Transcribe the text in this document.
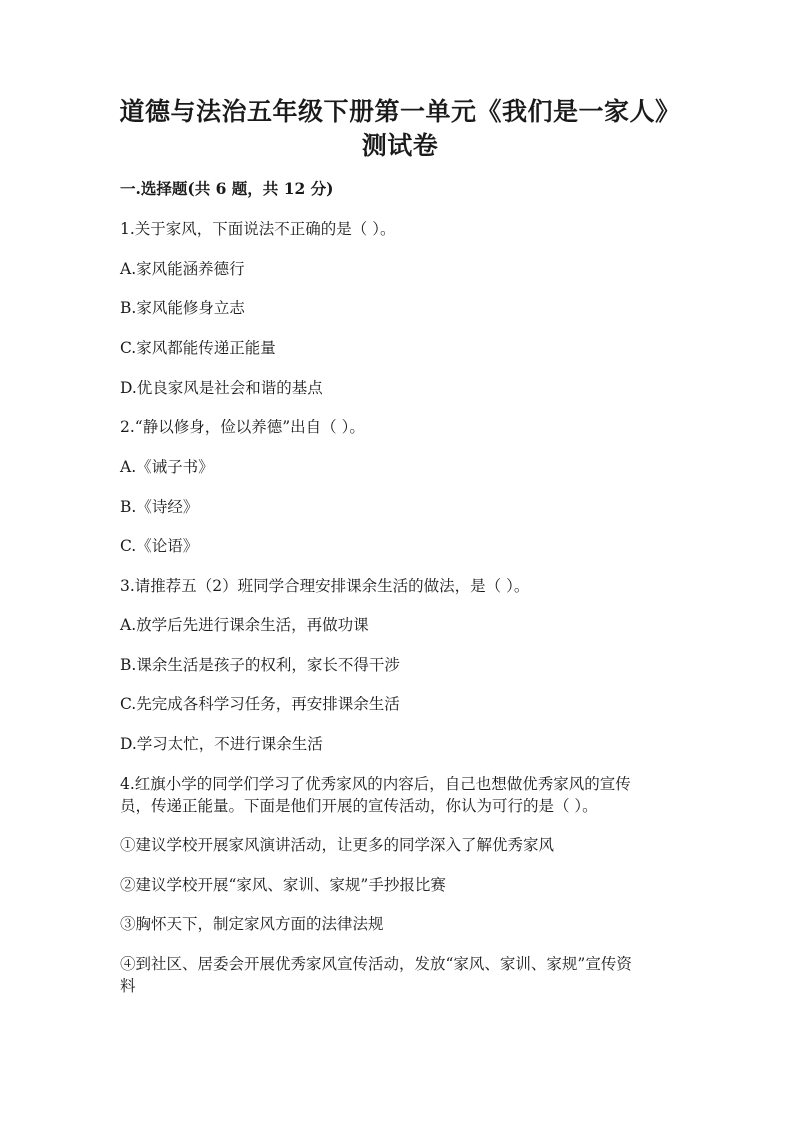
道德与法治五年级下册第一单元《我们是一家人》
测试卷
一.选择题(共 6 题，共 12 分)
1.关于家风，下面说法不正确的是（ ）。
A.家风能涵养德行
B.家风能修身立志
C.家风都能传递正能量
D.优良家风是社会和谐的基点
2.“静以修身，俭以养德”出自（ ）。
A.《诫子书》
B.《诗经》
C.《论语》
3.请推荐五（2）班同学合理安排课余生活的做法，是（ ）。
A.放学后先进行课余生活，再做功课
B.课余生活是孩子的权利，家长不得干涉
C.先完成各科学习任务，再安排课余生活
D.学习太忙，不进行课余生活
4.红旗小学的同学们学习了优秀家风的内容后，自己也想做优秀家风的宣传
员，传递正能量。下面是他们开展的宣传活动，你认为可行的是（ ）。
①建议学校开展家风演讲活动，让更多的同学深入了解优秀家风
②建议学校开展“家风、家训、家规”手抄报比赛
③胸怀天下，制定家风方面的法律法规
④到社区、居委会开展优秀家风宣传活动，发放“家风、家训、家规”宣传资
料
